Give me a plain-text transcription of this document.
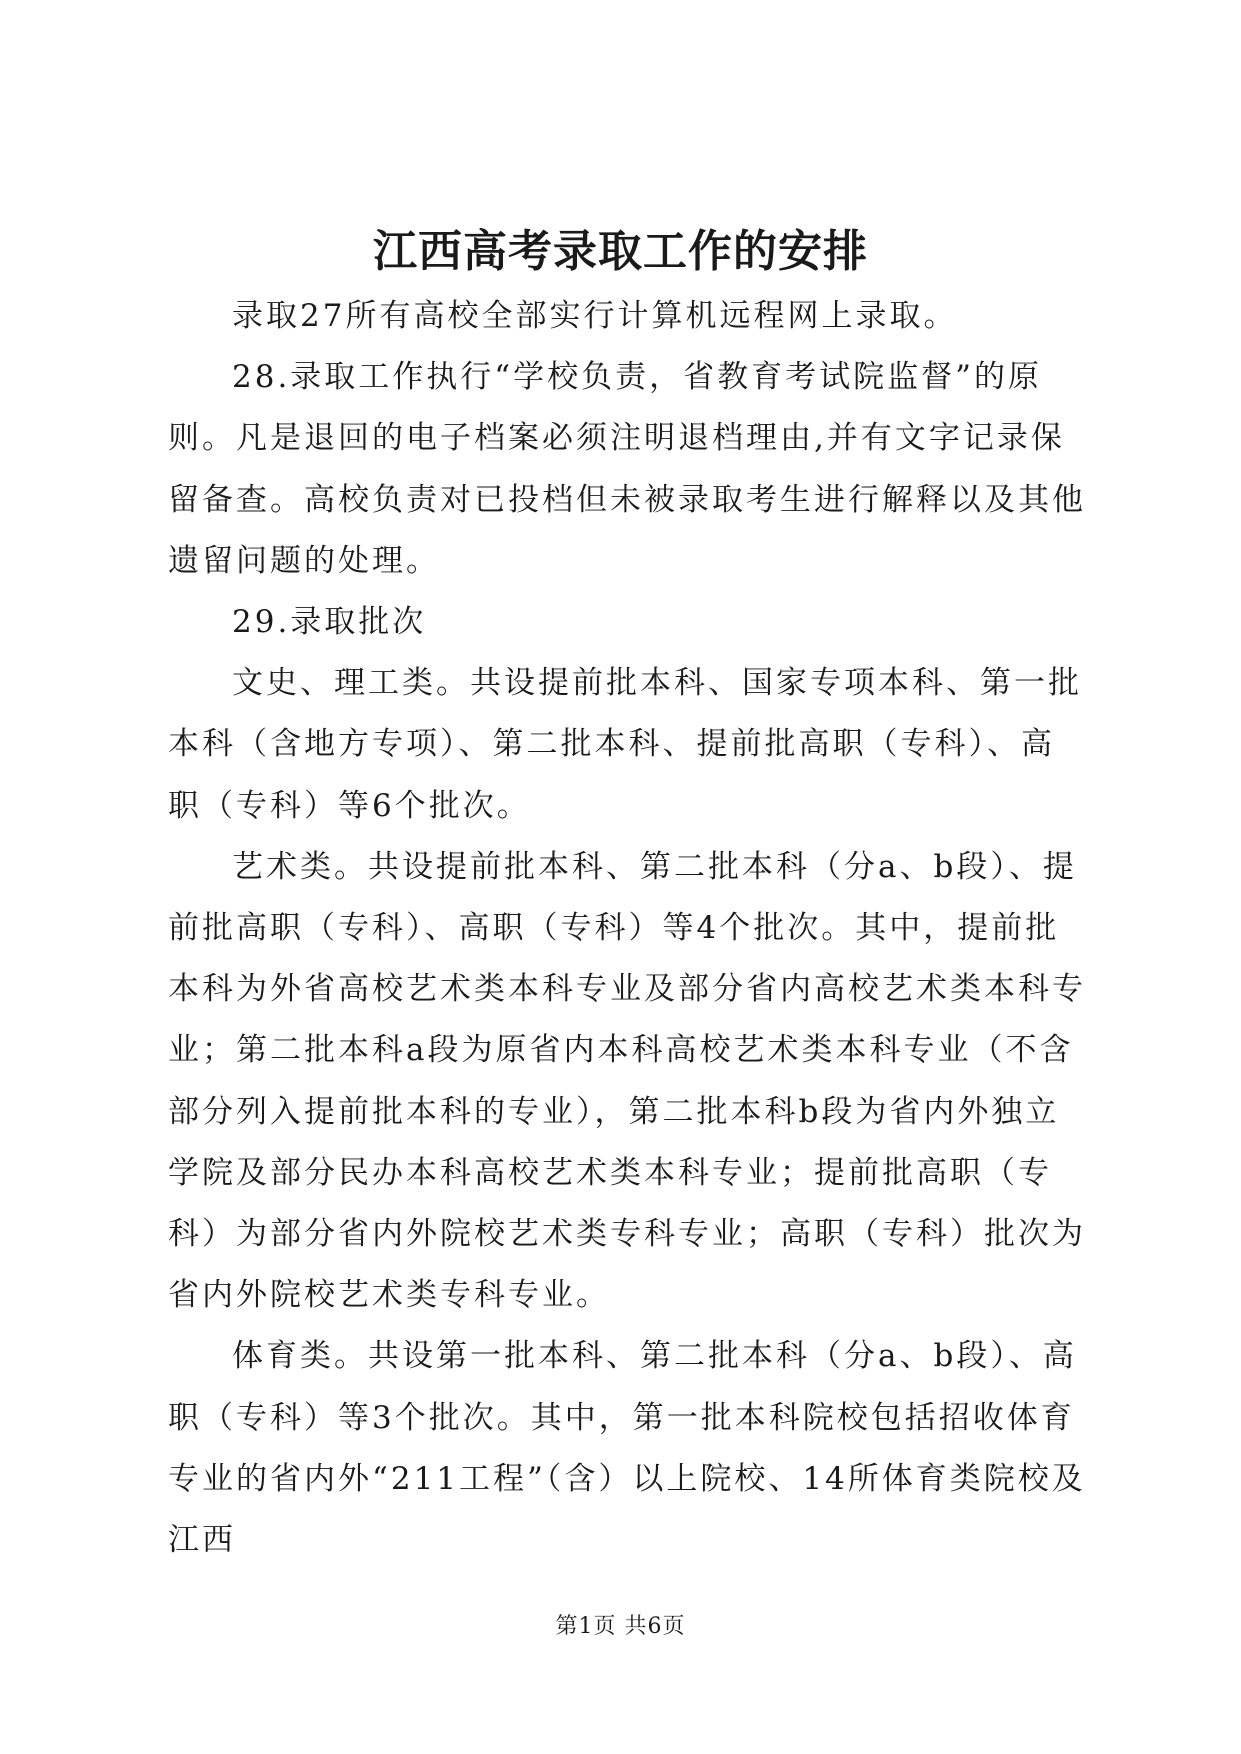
江西高考录取工作的安排

录取27所有高校全部实行计算机远程网上录取。

28.录取工作执行“学校负责，省教育考试院监督”的原则。凡是退回的电子档案必须注明退档理由,并有文字记录保留备查。高校负责对已投档但未被录取考生进行解释以及其他遗留问题的处理。

29.录取批次

文史、理工类。共设提前批本科、国家专项本科、第一批本科（含地方专项）、第二批本科、提前批高职（专科）、高职（专科）等6个批次。

艺术类。共设提前批本科、第二批本科（分a、b段）、提前批高职（专科）、高职（专科）等4个批次。其中，提前批本科为外省高校艺术类本科专业及部分省内高校艺术类本科专业；第二批本科a段为原省内本科高校艺术类本科专业（不含部分列入提前批本科的专业），第二批本科b段为省内外独立学院及部分民办本科高校艺术类本科专业；提前批高职（专科）为部分省内外院校艺术类专科专业；高职（专科）批次为省内外院校艺术类专科专业。

体育类。共设第一批本科、第二批本科（分a、b段）、高职（专科）等3个批次。其中，第一批本科院校包括招收体育专业的省内外“211工程”（含）以上院校、14所体育类院校及江西

第1页 共6页
